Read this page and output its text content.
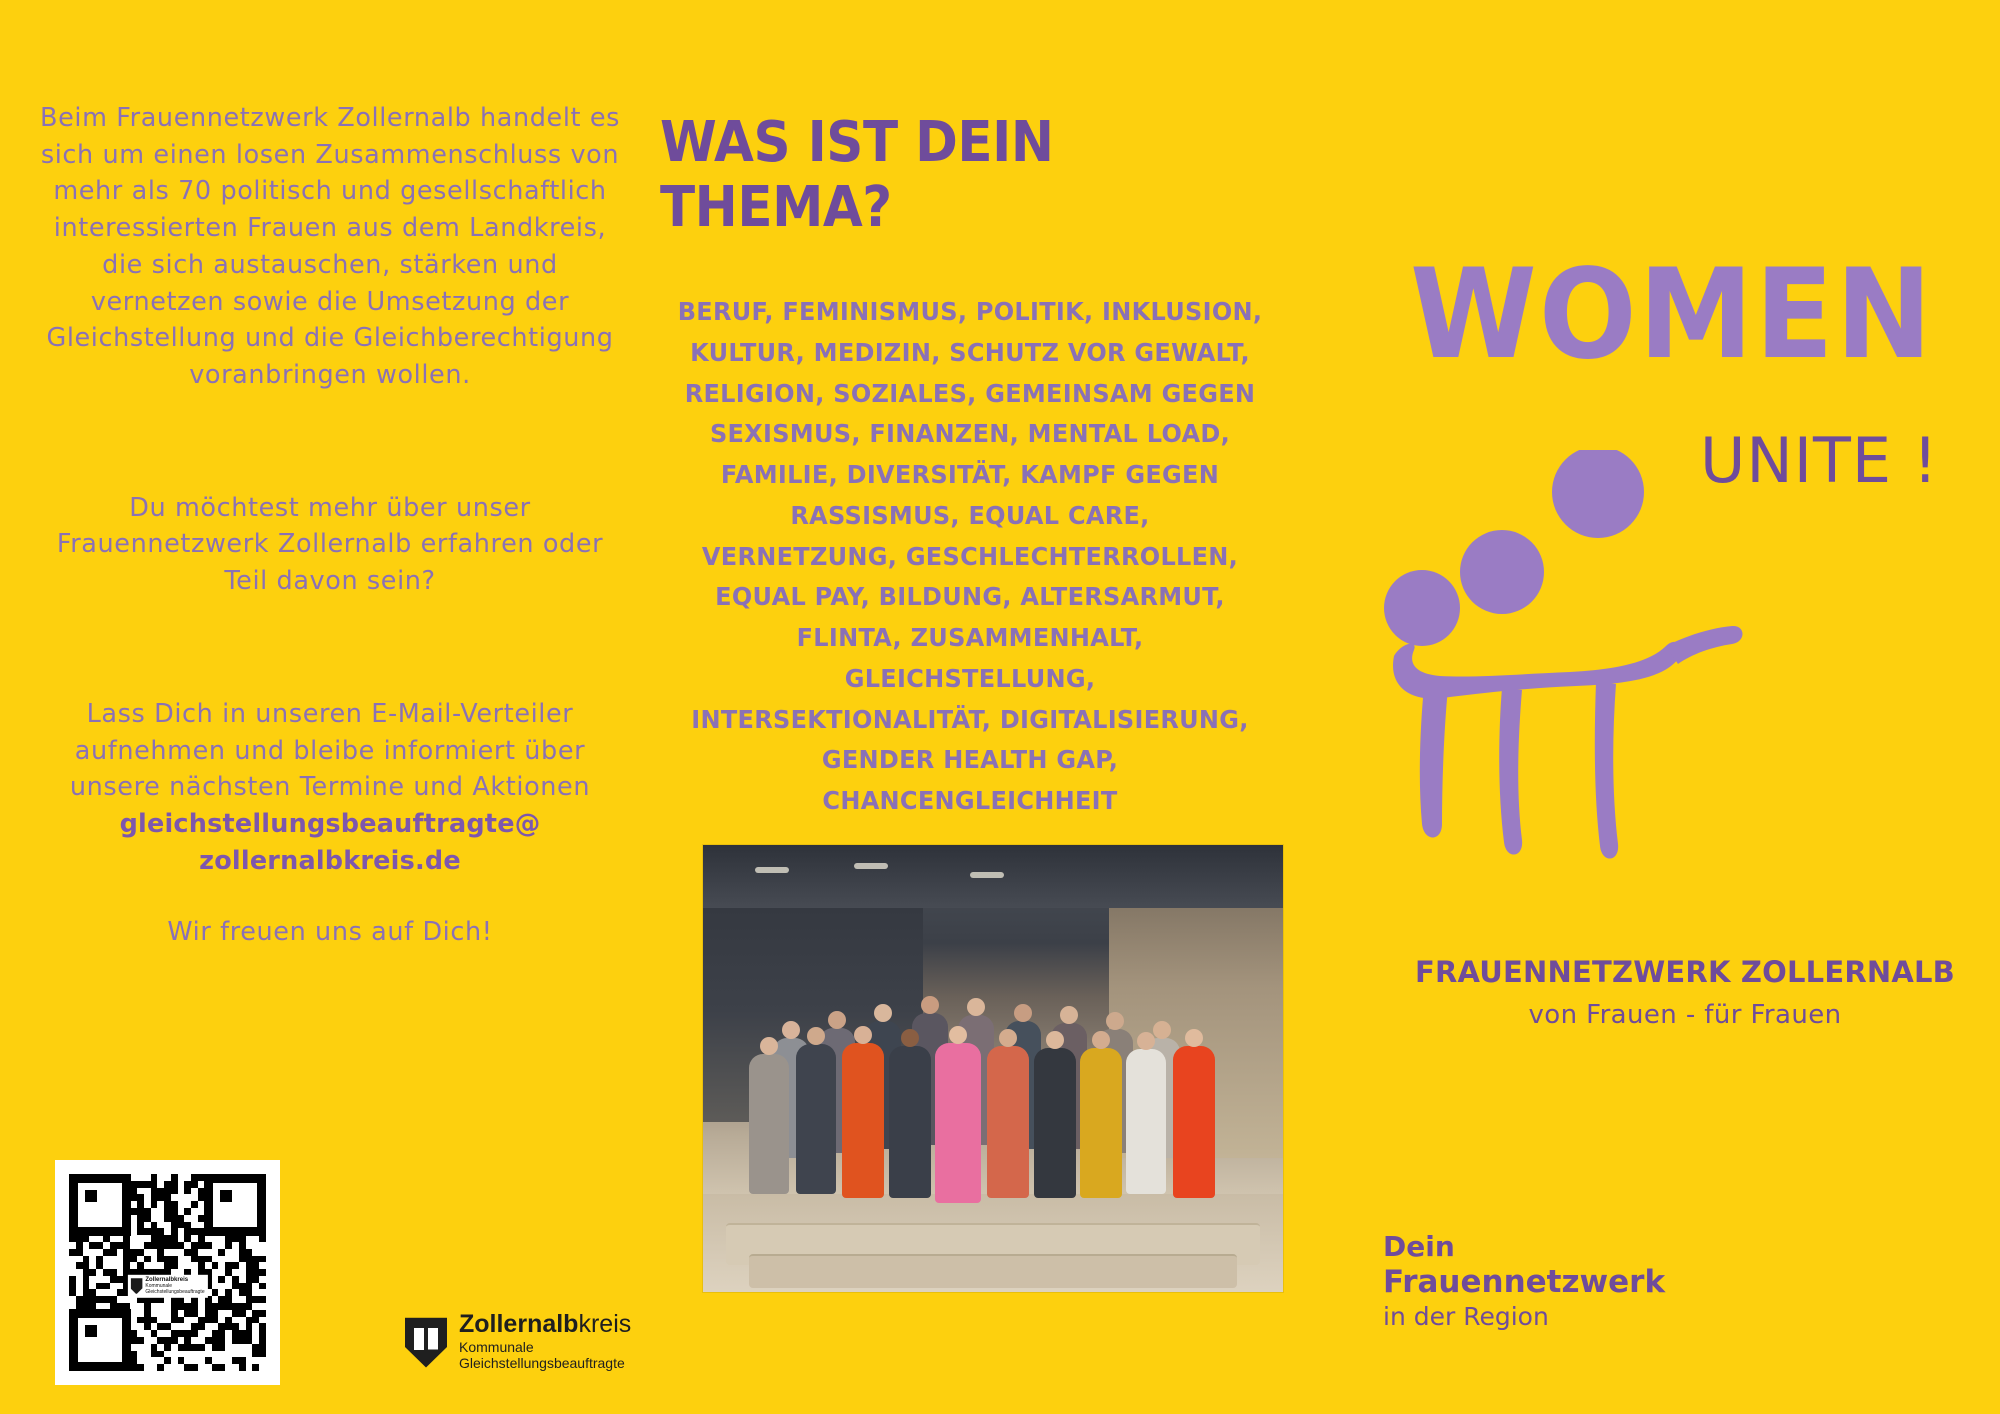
Beim Frauennetzwerk Zollernalb handelt es sich um einen losen Zusammenschluss von mehr als 70 politisch und gesellschaftlich interessierten Frauen aus dem Landkreis, die sich austauschen, stärken und vernetzen sowie die Umsetzung der Gleichstellung und die Gleichberechtigung voranbringen wollen.

Du möchtest mehr über unser Frauennetzwerk Zollernalb erfahren oder Teil davon sein?

Lass Dich in unseren E-Mail-Verteiler aufnehmen und bleibe informiert über unsere nächsten Termine und Aktionen
gleichstellungsbeauftragte@
zollernalbkreis.de

Wir freuen uns auf Dich!

WAS IST DEIN THEMA?
BERUF, FEMINISMUS, POLITIK, INKLUSION,
KULTUR, MEDIZIN, SCHUTZ VOR GEWALT,
RELIGION, SOZIALES, GEMEINSAM GEGEN
SEXISMUS, FINANZEN, MENTAL LOAD,
FAMILIE, DIVERSITÄT, KAMPF GEGEN
RASSISMUS, EQUAL CARE,
VERNETZUNG, GESCHLECHTERROLLEN,
EQUAL PAY, BILDUNG, ALTERSARMUT,
FLINTA, ZUSAMMENHALT, GLEICHSTELLUNG,
INTERSEKTIONALITÄT, DIGITALISIERUNG,
GENDER HEALTH GAP, CHANCENGLEICHHEIT
WOMEN
UNITE !
FRAUENNETZWERK ZOLLERNALB
von Frauen - für Frauen
Dein
Frauennetzwerk
in der Region
Zollernalbkreis
Kommunale
Gleichstellungsbeauftragte
Zollernalbkreis
Kommunale
Gleichstellungsbeauftragte
